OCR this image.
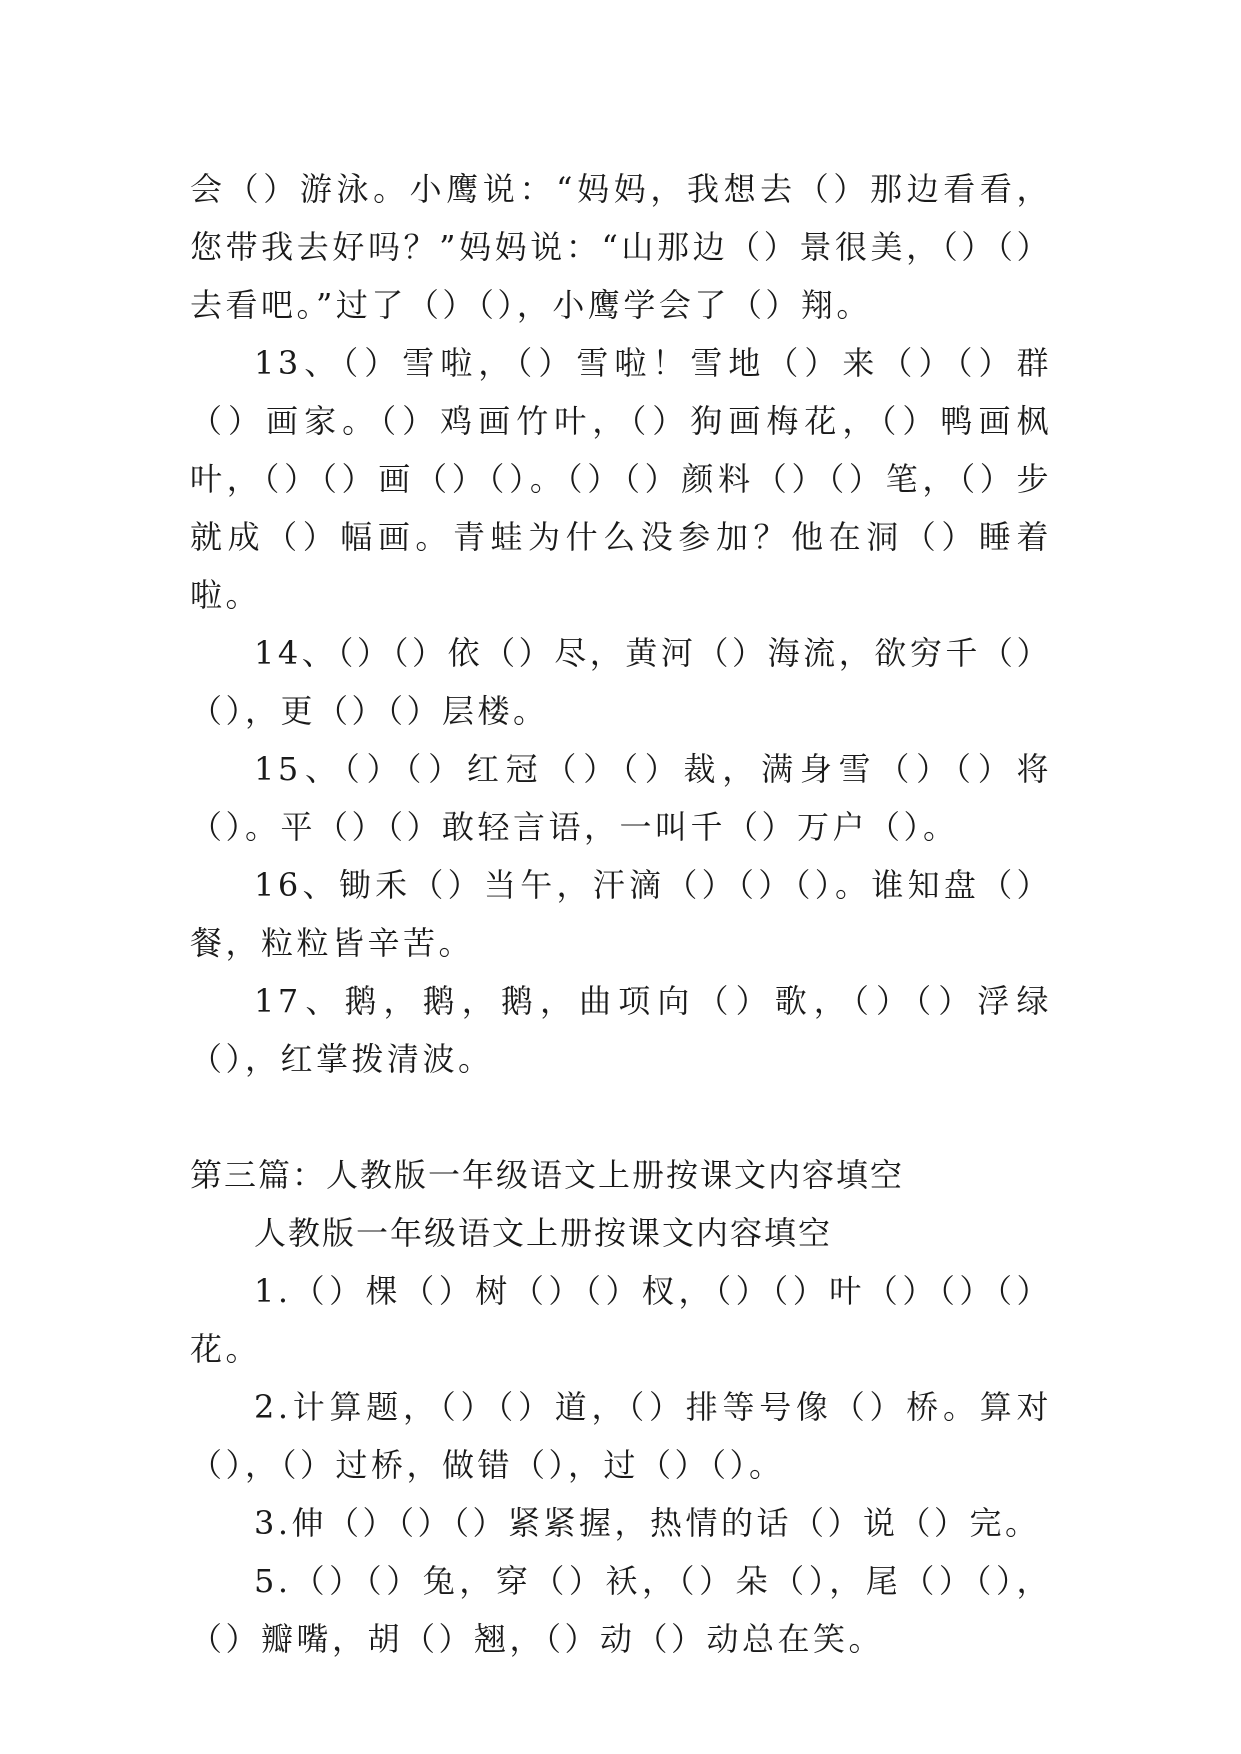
会（）游泳。小鹰说：“妈妈，我想去（）那边看看，您带我去好吗？”妈妈说：“山那边（）景很美，（）（）去看吧。”过了（）（），小鹰学会了（）翔。

13、（）雪啦，（）雪啦！雪地（）来（）（）群（）画家。（）鸡画竹叶，（）狗画梅花，（）鸭画枫叶，（）（）画（）（）。（）（）颜料（）（）笔，（）步就成（）幅画。青蛙为什么没参加？他在洞（）睡着啦。

14、（）（）依（）尽，黄河（）海流，欲穷千（）（），更（）（）层楼。

15、（）（）红冠（）（）裁，满身雪（）（）将（）。平（）（）敢轻言语，一叫千（）万户（）。

16、锄禾（）当午，汗滴（）（）（）。谁知盘（）餐，粒粒皆辛苦。

17、鹅，鹅，鹅，曲项向（）歌，（）（）浮绿（），红掌拨清波。

第三篇：人教版一年级语文上册按课文内容填空

人教版一年级语文上册按课文内容填空

1.（）棵（）树（）（）杈，（）（）叶（）（）（）花。

2.计算题，（）（）道，（）排等号像（）桥。算对（），（）过桥，做错（），过（）（）。

3.伸（）（）（）紧紧握，热情的话（）说（）完。

5.（）（）兔，穿（）袄，（）朵（），尾（）（），（）瓣嘴，胡（）翘，（）动（）动总在笑。
